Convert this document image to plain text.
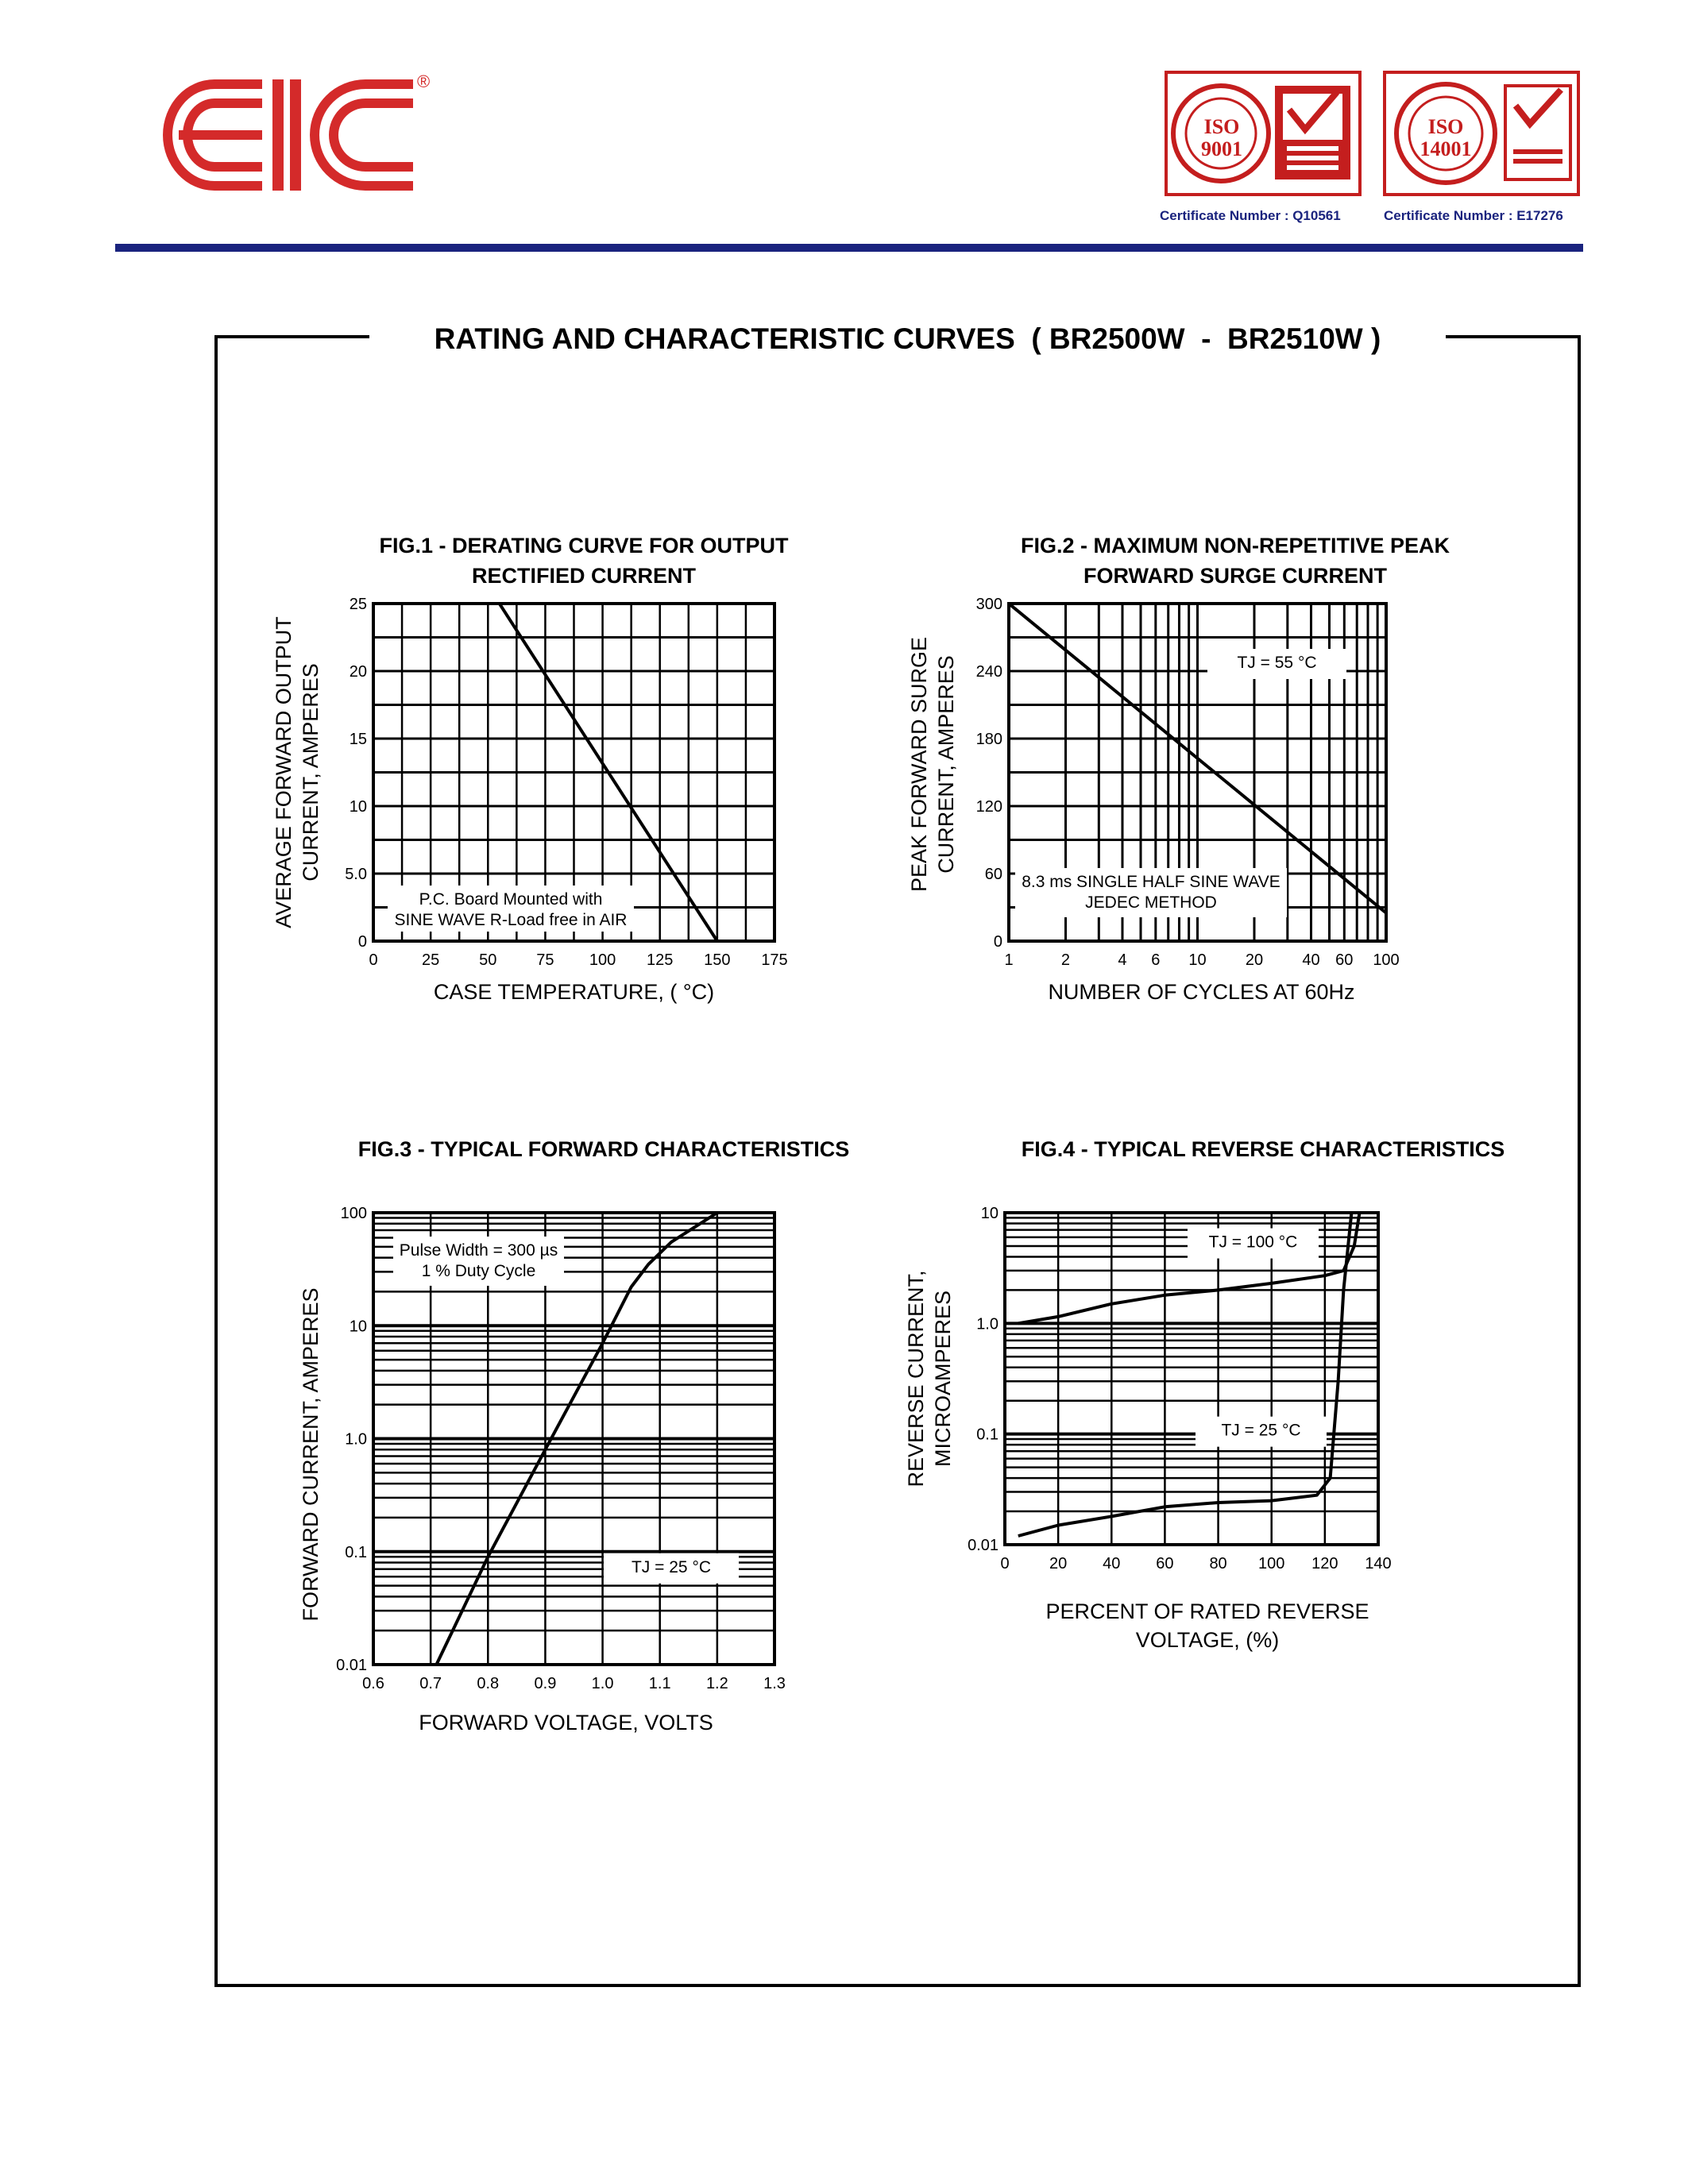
®
ISO 9001
Certificate Number : Q10561
ISO 14001
Certificate Number : E17276
RATING AND CHARACTERISTIC CURVES  ( BR2500W  -  BR2510W )
FIG.1 - DERATING CURVE FOR OUTPUT
RECTIFIED CURRENT
FIG.2 - MAXIMUM NON-REPETITIVE PEAK
FORWARD SURGE CURRENT
FIG.3 - TYPICAL FORWARD CHARACTERISTICS	FIG.4 - TYPICAL REVERSE CHARACTERISTICS
P.C. Board Mounted with
SINE WAVE R-Load free in AIR
0	25 50 75 100 125 150 175
0
5.0
10
15
20
25
CASE TEMPERATURE, ( °C)
AVERAGE FORWARD OUTPUT CURRENT, AMPERES
8.3 ms SINGLE HALF SINE WAVE
JEDEC METHOD
TJ = 55 °C
1	2	4 6 10 20 40 60 100
0
60
120
180
240
300
NUMBER OF CYCLES AT 60Hz
PEAK FORWARD SURGE CURRENT, AMPERES
Pulse Width = 300 µs
1 % Duty Cycle
TJ = 25 °C
0.6 0.7 0.8 0.9 1.0 1.1 1.2 1.3
0.01
0.1
1.0
10
100
FORWARD VOLTAGE, VOLTS
FORWARD CURRENT, AMPERES
TJ = 100 °C
TJ = 25 °C
0	20 40 60 80 100 120 140
0.01
0.1
1.0
10
PERCENT OF RATED REVERSE
VOLTAGE, (%)
REVERSE CURRENT, MICROAMPERES
